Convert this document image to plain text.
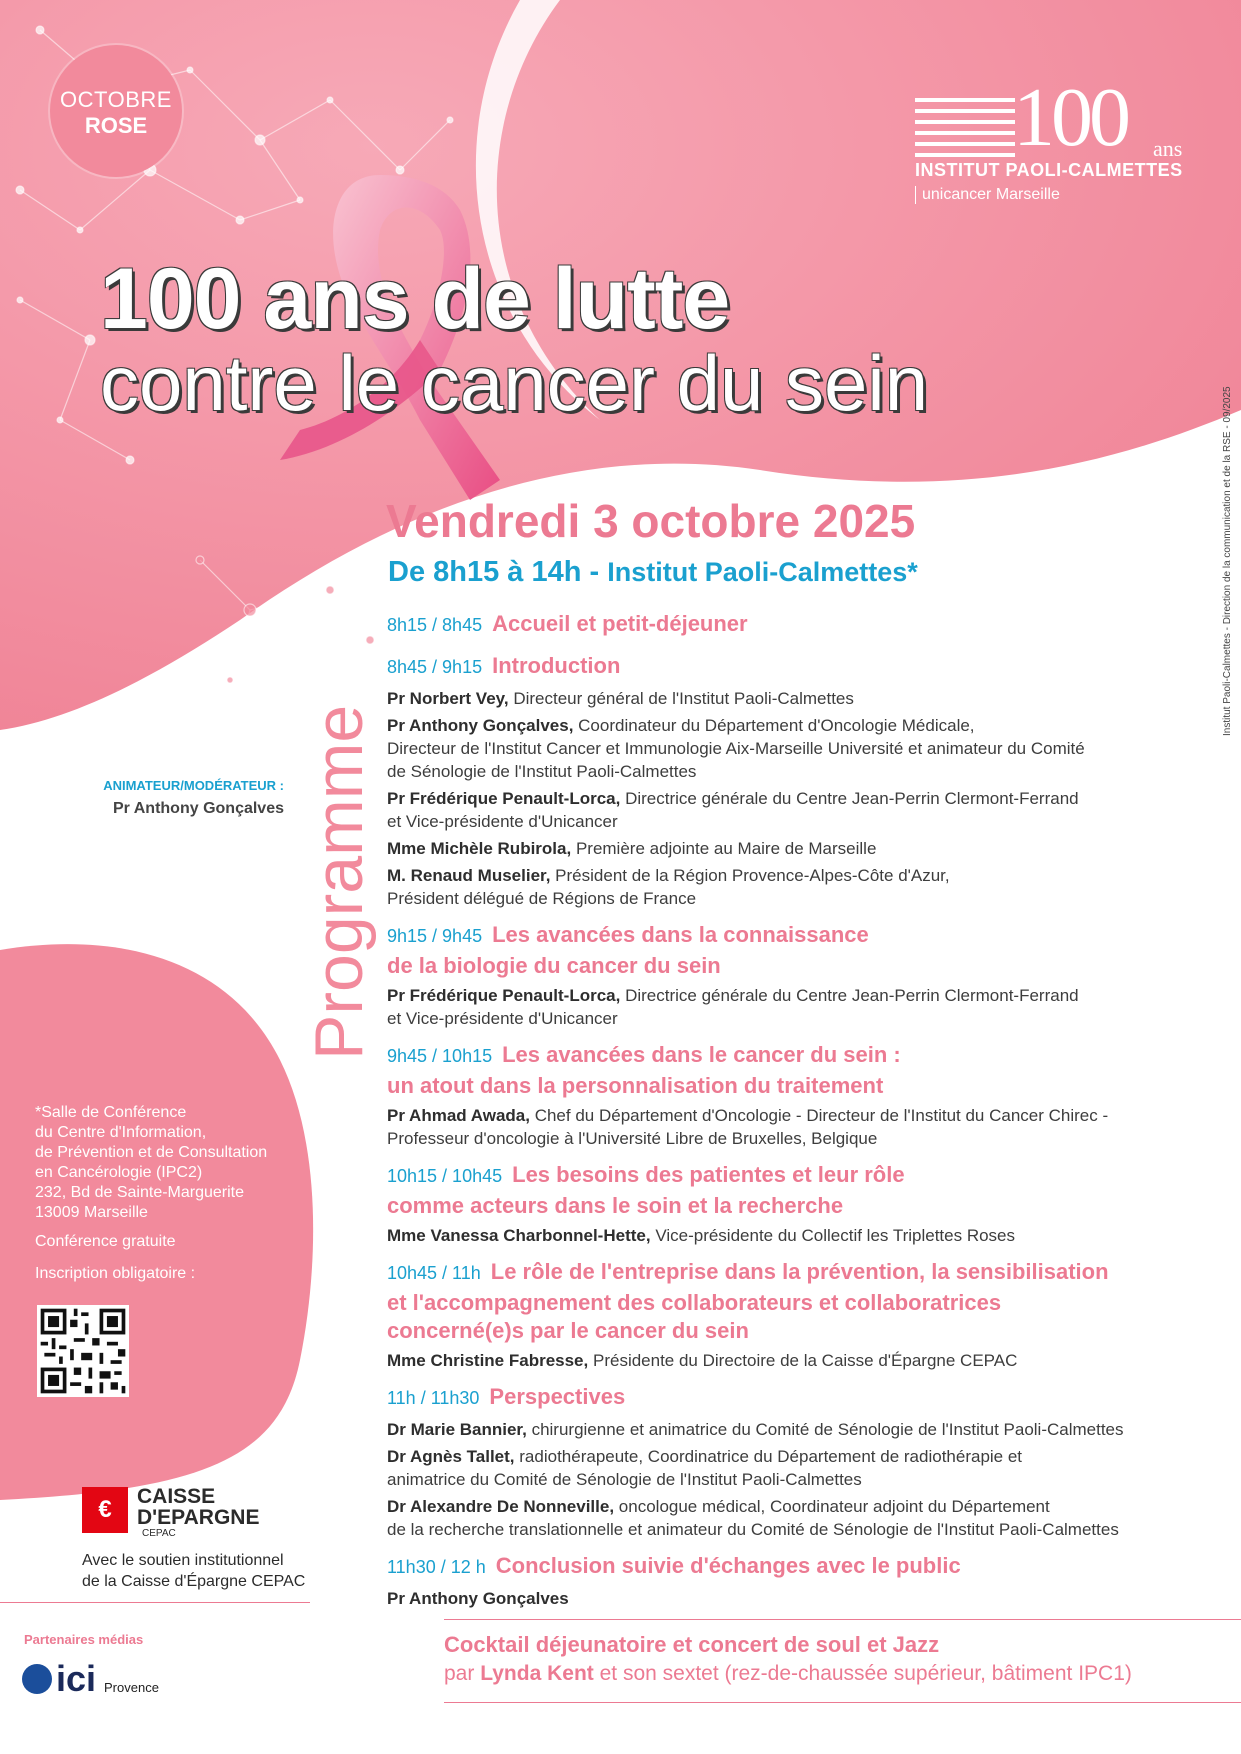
OCTOBRE
ROSE	100 ans
INSTITUT PAOLI-CALMETTES
unicancer Marseille
100 ans de lutte
contre le cancer du sein
Vendredi 3 octobre 2025
De 8h15 à 14h - Institut Paoli-Calmettes*
Programme
ANIMATEUR/MODÉRATEUR :
Pr Anthony Gonçalves
8h15 / 8h45 Accueil et petit-déjeuner
8h45 / 9h15 Introduction
Pr Norbert Vey, Directeur général de l'Institut Paoli-Calmettes
Pr Anthony Gonçalves, Coordinateur du Département d'Oncologie Médicale,
Directeur de l'Institut Cancer et Immunologie Aix-Marseille Université et animateur du Comité
de Sénologie de l'Institut Paoli-Calmettes
Pr Frédérique Penault-Lorca, Directrice générale du Centre Jean-Perrin Clermont-Ferrand
et Vice-présidente d'Unicancer
Mme Michèle Rubirola, Première adjointe au Maire de Marseille
M. Renaud Muselier, Président de la Région Provence-Alpes-Côte d'Azur,
Président délégué de Régions de France
9h15 / 9h45 Les avancées dans la connaissance
de la biologie du cancer du sein
Pr Frédérique Penault-Lorca, Directrice générale du Centre Jean-Perrin Clermont-Ferrand
et Vice-présidente d'Unicancer
9h45 / 10h15 Les avancées dans le cancer du sein :
un atout dans la personnalisation du traitement
Pr Ahmad Awada, Chef du Département d'Oncologie - Directeur de l'Institut du Cancer Chirec -
Professeur d'oncologie à l'Université Libre de Bruxelles, Belgique
10h15 / 10h45 Les besoins des patientes et leur rôle
comme acteurs dans le soin et la recherche
Mme Vanessa Charbonnel-Hette, Vice-présidente du Collectif les Triplettes Roses
10h45 / 11h Le rôle de l'entreprise dans la prévention, la sensibilisation
et l'accompagnement des collaborateurs et collaboratrices
concerné(e)s par le cancer du sein
Mme Christine Fabresse, Présidente du Directoire de la Caisse d'Épargne CEPAC
11h / 11h30 Perspectives
Dr Marie Bannier, chirurgienne et animatrice du Comité de Sénologie de l'Institut Paoli-Calmettes
Dr Agnès Tallet, radiothérapeute, Coordinatrice du Département de radiothérapie et
animatrice du Comité de Sénologie de l'Institut Paoli-Calmettes
Dr Alexandre De Nonneville, oncologue médical, Coordinateur adjoint du Département
de la recherche translationnelle et animateur du Comité de Sénologie de l'Institut Paoli-Calmettes
11h30 / 12 h Conclusion suivie d'échanges avec le public
Pr Anthony Gonçalves
*Salle de Conférence
du Centre d'Information,
de Prévention et de Consultation
en Cancérologie (IPC2)
232, Bd de Sainte-Marguerite
13009 Marseille
Conférence gratuite
Inscription obligatoire :
€	CAISSE
D'EPARGNE
CEPAC
Avec le soutien institutionnel
de la Caisse d'Épargne CEPAC
Partenaires médias
ici Provence
Cocktail déjeunatoire et concert de soul et Jazz
par Lynda Kent et son sextet (rez-de-chaussée supérieur, bâtiment IPC1)
Institut Paoli-Calmettes - Direction de la communication et de la RSE - 09/2025
